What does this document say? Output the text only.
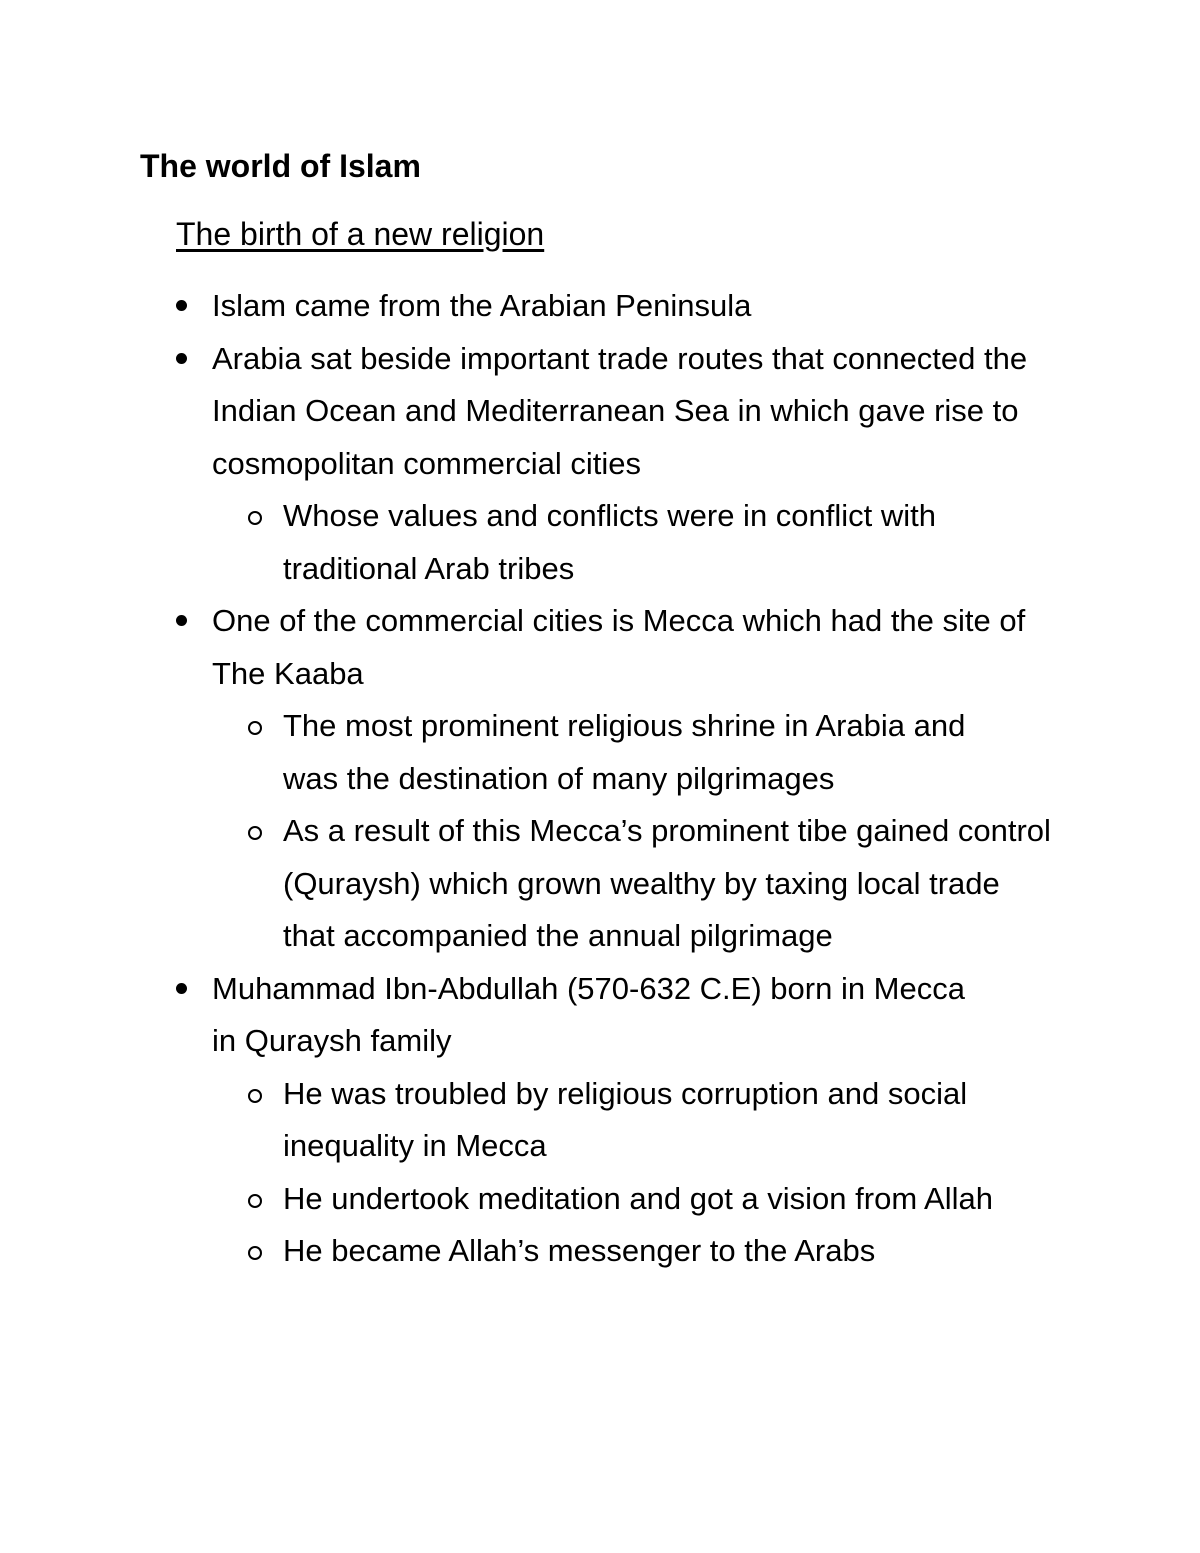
The world of Islam
The birth of a new religion
Islam came from the Arabian Peninsula
Arabia sat beside important trade routes that connected the Indian Ocean and Mediterranean Sea in which gave rise to cosmopolitan commercial cities
Whose values and conflicts were in conflict with traditional Arab tribes
One of the commercial cities is Mecca which had the site of The Kaaba
The most prominent religious shrine in Arabia and was the destination of many pilgrimages
As a result of this Mecca’s prominent tibe gained control (Quraysh) which grown wealthy by taxing local trade that accompanied the annual pilgrimage
Muhammad Ibn-Abdullah (570-632 C.E) born in Mecca in Quraysh family
He was troubled by religious corruption and social inequality in Mecca
He undertook meditation and got a vision from Allah
He became Allah’s messenger to the Arabs
